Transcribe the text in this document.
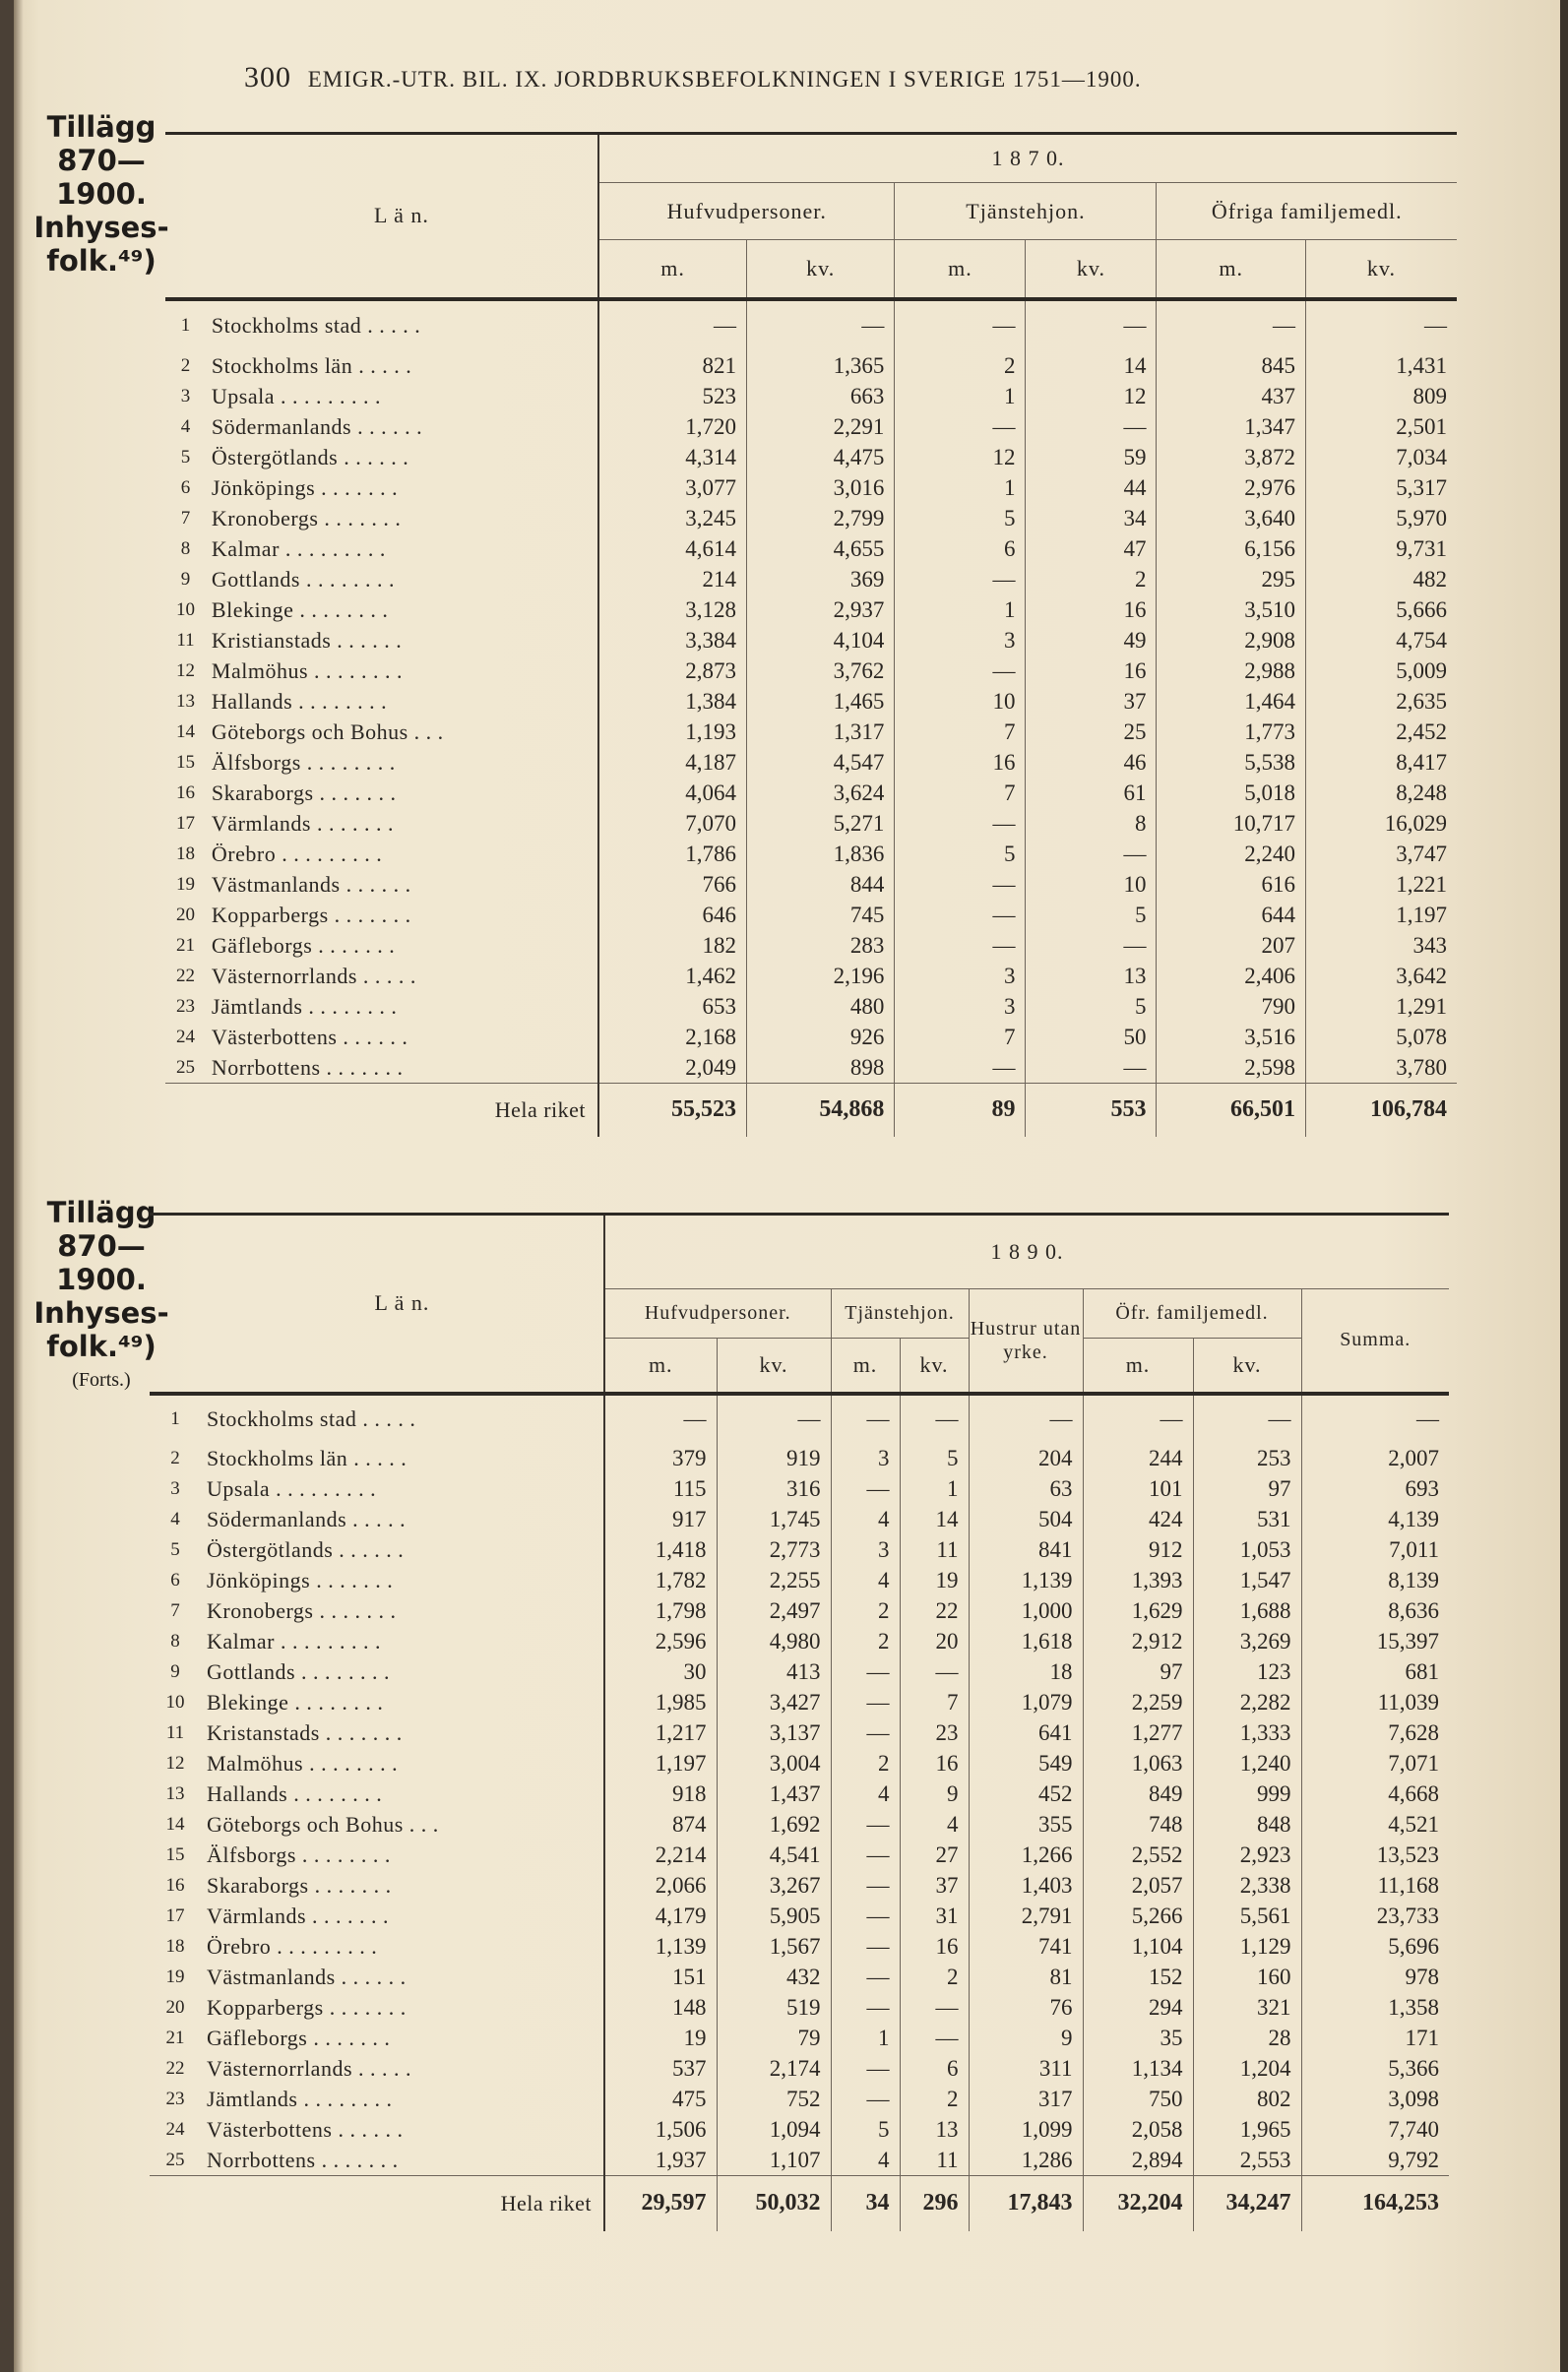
300 EMIGR.-UTR. BIL. IX. JORDBRUKSBEFOLKNINGEN I SVERIGE 1751—1900.
Tillägg
870—1900.
Inhyses-
folk.⁴⁹)
Tillägg
870—1900.
Inhyses-
folk.⁴⁹)
(Forts.)
	L ä n.	1 8 7 0.					
		Hufvudpersoner.		Tjänstehjon.		Öfriga familjemedl.	
		m.	kv.	m.	kv.	m.	kv.
1	Stockholms stad . . . . .	—	—	—	—	—	—
2	Stockholms län . . . . .	821	1,365	2	14	845	1,431
3	Upsala . . . . . . . . .	523	663	1	12	437	809
4	Södermanlands . . . . . .	1,720	2,291	—	—	1,347	2,501
5	Östergötlands . . . . . .	4,314	4,475	12	59	3,872	7,034
6	Jönköpings . . . . . . .	3,077	3,016	1	44	2,976	5,317
7	Kronobergs . . . . . . .	3,245	2,799	5	34	3,640	5,970
8	Kalmar . . . . . . . . .	4,614	4,655	6	47	6,156	9,731
9	Gottlands . . . . . . . .	214	369	—	2	295	482
10	Blekinge . . . . . . . .	3,128	2,937	1	16	3,510	5,666
11	Kristianstads . . . . . .	3,384	4,104	3	49	2,908	4,754
12	Malmöhus . . . . . . . .	2,873	3,762	—	16	2,988	5,009
13	Hallands . . . . . . . .	1,384	1,465	10	37	1,464	2,635
14	Göteborgs och Bohus . . .	1,193	1,317	7	25	1,773	2,452
15	Älfsborgs . . . . . . . .	4,187	4,547	16	46	5,538	8,417
16	Skaraborgs . . . . . . .	4,064	3,624	7	61	5,018	8,248
17	Värmlands . . . . . . .	7,070	5,271	—	8	10,717	16,029
18	Örebro . . . . . . . . .	1,786	1,836	5	—	2,240	3,747
19	Västmanlands . . . . . .	766	844	—	10	616	1,221
20	Kopparbergs . . . . . . .	646	745	—	5	644	1,197
21	Gäfleborgs . . . . . . .	182	283	—	—	207	343
22	Västernorrlands . . . . .	1,462	2,196	3	13	2,406	3,642
23	Jämtlands . . . . . . . .	653	480	3	5	790	1,291
24	Västerbottens . . . . . .	2,168	926	7	50	3,516	5,078
25	Norrbottens . . . . . . .	2,049	898	—	—	2,598	3,780
	Hela riket	55,523	54,868	89	553	66,501	106,784
	L ä n.	1 8 9 0.							
		Hufvudpersoner.		Tjänstehjon.		Hustrur utan yrke.	Öfr. familjemedl.		Summa.
		m.	kv.	m.	kv.		m.	kv.	
1	Stockholms stad . . . . .	—	—	—	—	—	—	—	—
2	Stockholms län . . . . .	379	919	3	5	204	244	253	2,007
3	Upsala . . . . . . . . .	115	316	—	1	63	101	97	693
4	Södermanlands . . . . .	917	1,745	4	14	504	424	531	4,139
5	Östergötlands . . . . . .	1,418	2,773	3	11	841	912	1,053	7,011
6	Jönköpings . . . . . . .	1,782	2,255	4	19	1,139	1,393	1,547	8,139
7	Kronobergs . . . . . . .	1,798	2,497	2	22	1,000	1,629	1,688	8,636
8	Kalmar . . . . . . . . .	2,596	4,980	2	20	1,618	2,912	3,269	15,397
9	Gottlands . . . . . . . .	30	413	—	—	18	97	123	681
10	Blekinge . . . . . . . .	1,985	3,427	—	7	1,079	2,259	2,282	11,039
11	Kristanstads . . . . . . .	1,217	3,137	—	23	641	1,277	1,333	7,628
12	Malmöhus . . . . . . . .	1,197	3,004	2	16	549	1,063	1,240	7,071
13	Hallands . . . . . . . .	918	1,437	4	9	452	849	999	4,668
14	Göteborgs och Bohus . . .	874	1,692	—	4	355	748	848	4,521
15	Älfsborgs . . . . . . . .	2,214	4,541	—	27	1,266	2,552	2,923	13,523
16	Skaraborgs . . . . . . .	2,066	3,267	—	37	1,403	2,057	2,338	11,168
17	Värmlands . . . . . . .	4,179	5,905	—	31	2,791	5,266	5,561	23,733
18	Örebro . . . . . . . . .	1,139	1,567	—	16	741	1,104	1,129	5,696
19	Västmanlands . . . . . .	151	432	—	2	81	152	160	978
20	Kopparbergs . . . . . . .	148	519	—	—	76	294	321	1,358
21	Gäfleborgs . . . . . . .	19	79	1	—	9	35	28	171
22	Västernorrlands . . . . .	537	2,174	—	6	311	1,134	1,204	5,366
23	Jämtlands . . . . . . . .	475	752	—	2	317	750	802	3,098
24	Västerbottens . . . . . .	1,506	1,094	5	13	1,099	2,058	1,965	7,740
25	Norrbottens . . . . . . .	1,937	1,107	4	11	1,286	2,894	2,553	9,792
	Hela riket	29,597	50,032	34	296	17,843	32,204	34,247	164,253
